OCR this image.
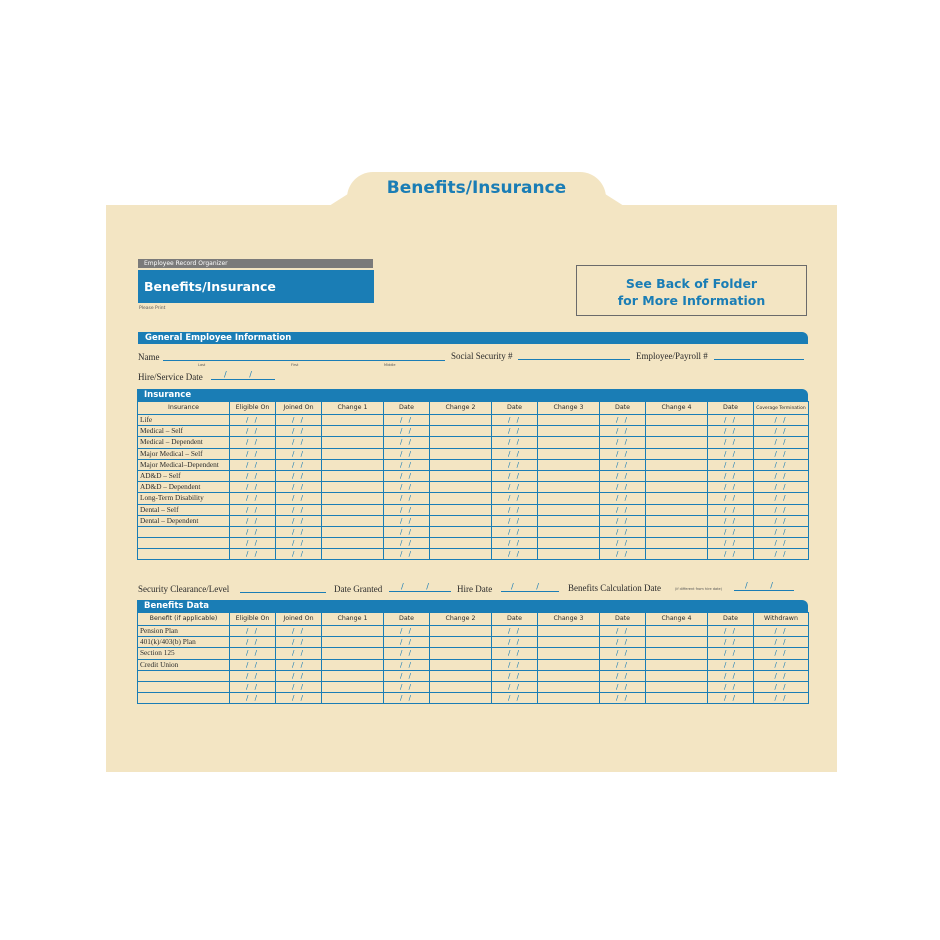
Benefits/Insurance
Employee Record Organizer
Benefits/Insurance
Please Print
See Back of Folder
for More Information
General Employee Information
Name
Last	First	Middle
Social Security #	Employee/Payroll #
Hire/Service Date	/ /
Insurance
Insurance	Eligible On	Joined On	Change 1	Date	Change 2	Date	Change 3	Date	Change 4	Date	Coverage Termination
Life	/ /	/ /		/ /		/ /		/ /		/ /	/ /
Medical – Self	/ /	/ /		/ /		/ /		/ /		/ /	/ /
Medical – Dependent	/ /	/ /		/ /		/ /		/ /		/ /	/ /
Major Medical – Self	/ /	/ /		/ /		/ /		/ /		/ /	/ /
Major Medical–Dependent	/ /	/ /		/ /		/ /		/ /		/ /	/ /
AD&D – Self	/ /	/ /		/ /		/ /		/ /		/ /	/ /
AD&D – Dependent	/ /	/ /		/ /		/ /		/ /		/ /	/ /
Long-Term Disability	/ /	/ /		/ /		/ /		/ /		/ /	/ /
Dental – Self	/ /	/ /		/ /		/ /		/ /		/ /	/ /
Dental – Dependent	/ /	/ /		/ /		/ /		/ /		/ /	/ /
	/ /	/ /		/ /		/ /		/ /		/ /	/ /
	/ /	/ /		/ /		/ /		/ /		/ /	/ /
	/ /	/ /		/ /		/ /		/ /		/ /	/ /
Security Clearance/Level	Date Granted	/ /	Hire Date	/ /	Benefits Calculation Date	(if different from hire date)	/ /
Benefits Data
Benefit (if applicable)	Eligible On	Joined On	Change 1	Date	Change 2	Date	Change 3	Date	Change 4	Date	Withdrawn
Pension Plan	/ /	/ /		/ /		/ /		/ /		/ /	/ /
401(k)/403(b) Plan	/ /	/ /		/ /		/ /		/ /		/ /	/ /
Section 125	/ /	/ /		/ /		/ /		/ /		/ /	/ /
Credit Union	/ /	/ /		/ /		/ /		/ /		/ /	/ /
	/ /	/ /		/ /		/ /		/ /		/ /	/ /
	/ /	/ /		/ /		/ /		/ /		/ /	/ /
	/ /	/ /		/ /		/ /		/ /		/ /	/ /
